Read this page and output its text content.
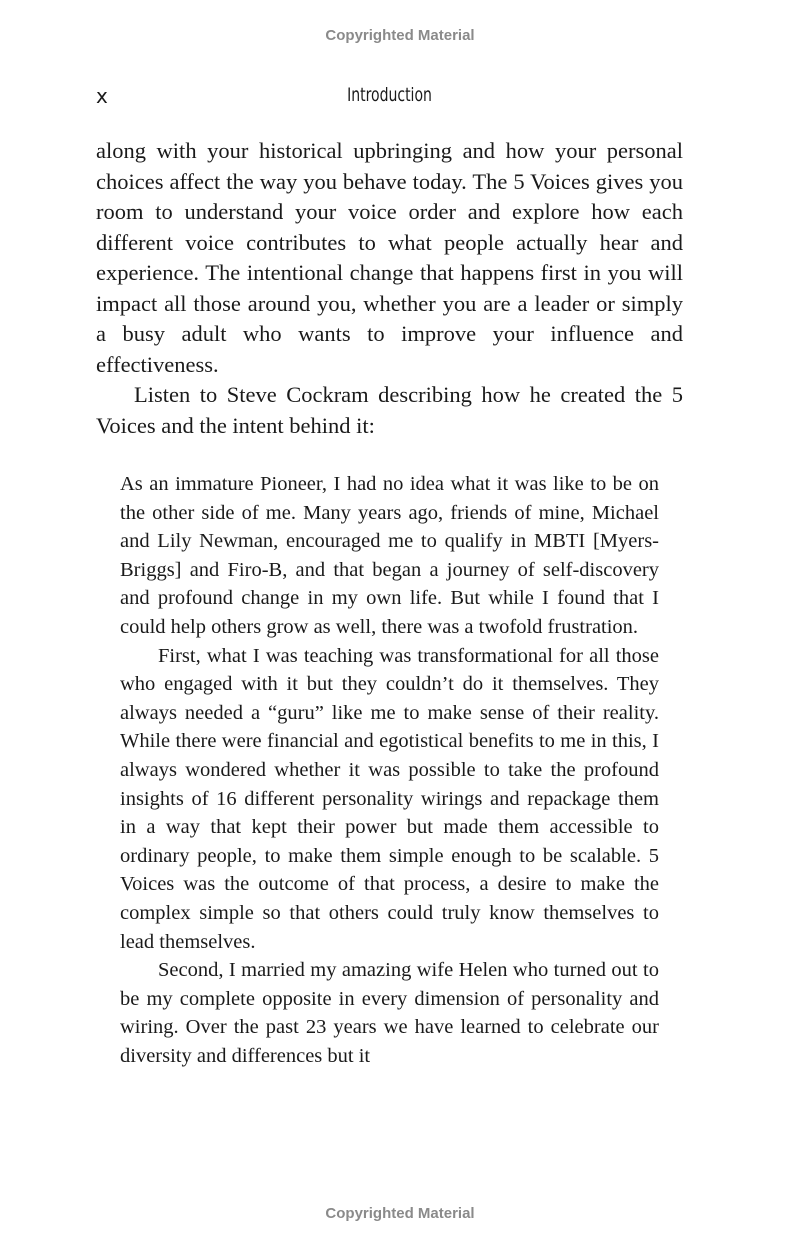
Copyrighted Material
x	Introduction

along with your historical upbringing and how your personal choices affect the way you behave today. The 5 Voices gives you room to understand your voice order and explore how each different voice contributes to what people actually hear and experience. The intentional change that happens first in you will impact all those around you, whether you are a leader or simply a busy adult who wants to improve your influence and effectiveness.

Listen to Steve Cockram describing how he created the 5 Voices and the intent behind it:

As an immature Pioneer, I had no idea what it was like to be on the other side of me. Many years ago, friends of mine, Michael and Lily Newman, encouraged me to qualify in MBTI [Myers-Briggs] and Firo-B, and that began a journey of self-discovery and profound change in my own life. But while I found that I could help others grow as well, there was a twofold frustration.

First, what I was teaching was transformational for all those who engaged with it but they couldn’t do it themselves. They always needed a “guru” like me to make sense of their reality. While there were financial and egotistical benefits to me in this, I always wondered whether it was possible to take the profound insights of 16 different personality wirings and repackage them in a way that kept their power but made them accessible to ordinary people, to make them simple enough to be scalable. 5 Voices was the outcome of that process, a desire to make the complex simple so that others could truly know themselves to lead themselves.

Second, I married my amazing wife Helen who turned out to be my complete opposite in every dimension of personality and wiring. Over the past 23 years we have learned to celebrate our diversity and differences but it

Copyrighted Material
